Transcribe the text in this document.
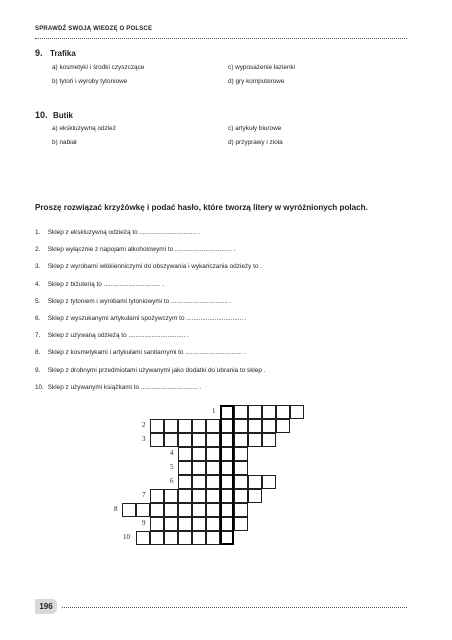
SPRAWDŹ SWOJĄ WIEDZĘ O POLSCE
9. Trafika
a) kosmetyki i środki czyszczące	c) wyposażenie łazienki
b) tytoń i wyroby tytoniowe	d) gry komputerowe
10. Butik
a) ekskluzywną odzież	c) artykuły biurowe
b) nabiał	d) przyprawy i zioła
Proszę rozwiązać krzyżówkę i podać hasło, które tworzą litery w wyróżnionych polach.
1. Sklep z ekskluzywną odzieżą to ................................ .
2. Sklep wyłącznie z napojami alkoholowymi to ................................ .
3. Sklep z wyrobami włókienniczymi do obszywania i wykańczania odzieży to .
4. Sklep z biżuterią to ................................ .
5. Sklep z tytoniem i wyrobami tytoniowymi to ................................ .
6. Sklep z wyszukanymi artykułami spożywczym to ................................ .
7. Sklep z używaną odzieżą to ................................ .
8. Sklep z kosmetykami i artykułami sanitarnymi to ................................ .
9. Sklep z drobnymi przedmiotami używanymi jako dodatki do ubrania to sklep .
10. Sklep z używanymi książkami to ................................ .
1
2
3
4
5
6
7
8
9
10
196
